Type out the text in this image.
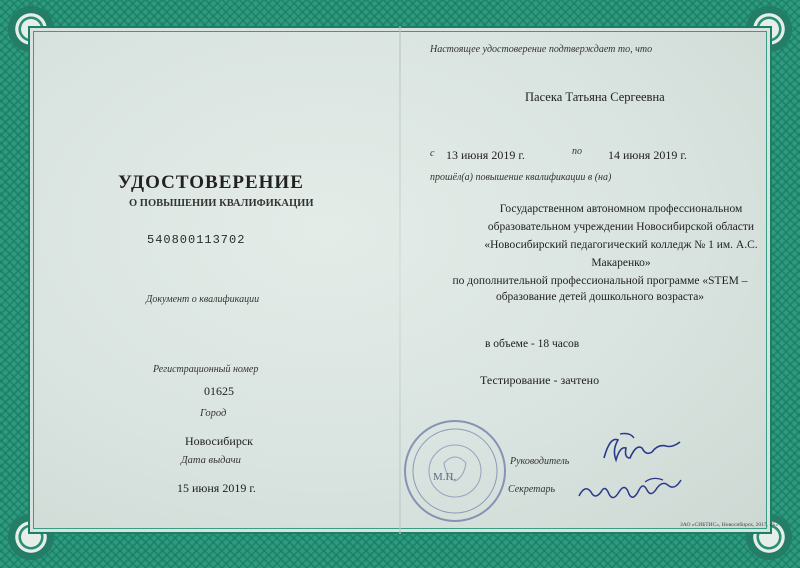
УДОСТОВЕРЕНИЕ
О ПОВЫШЕНИИ КВАЛИФИКАЦИИ
540800113702
Документ о квалификации
Регистрационный номер
01625
Город
Новосибирск
Дата выдачи
15 июня 2019 г.
Настоящее удостоверение подтверждает то, что
Пасека Татьяна Сергеевна
с 13 июня 2019 г.	по 14 июня 2019 г.
прошёл(а) повышение квалификации в (на)
Государственном автономном профессиональном образовательном учреждении Новосибирской области «Новосибирский педагогический колледж № 1 им. А.С. Макаренко»
по дополнительной профессиональной программе «STEM – образование детей дошкольного возраста»
в объеме - 18 часов
Тестирование - зачтено
М.П.
Руководитель
Секретарь
ЗАО «СИБТИС», Новосибирск, 2017, «Б»
